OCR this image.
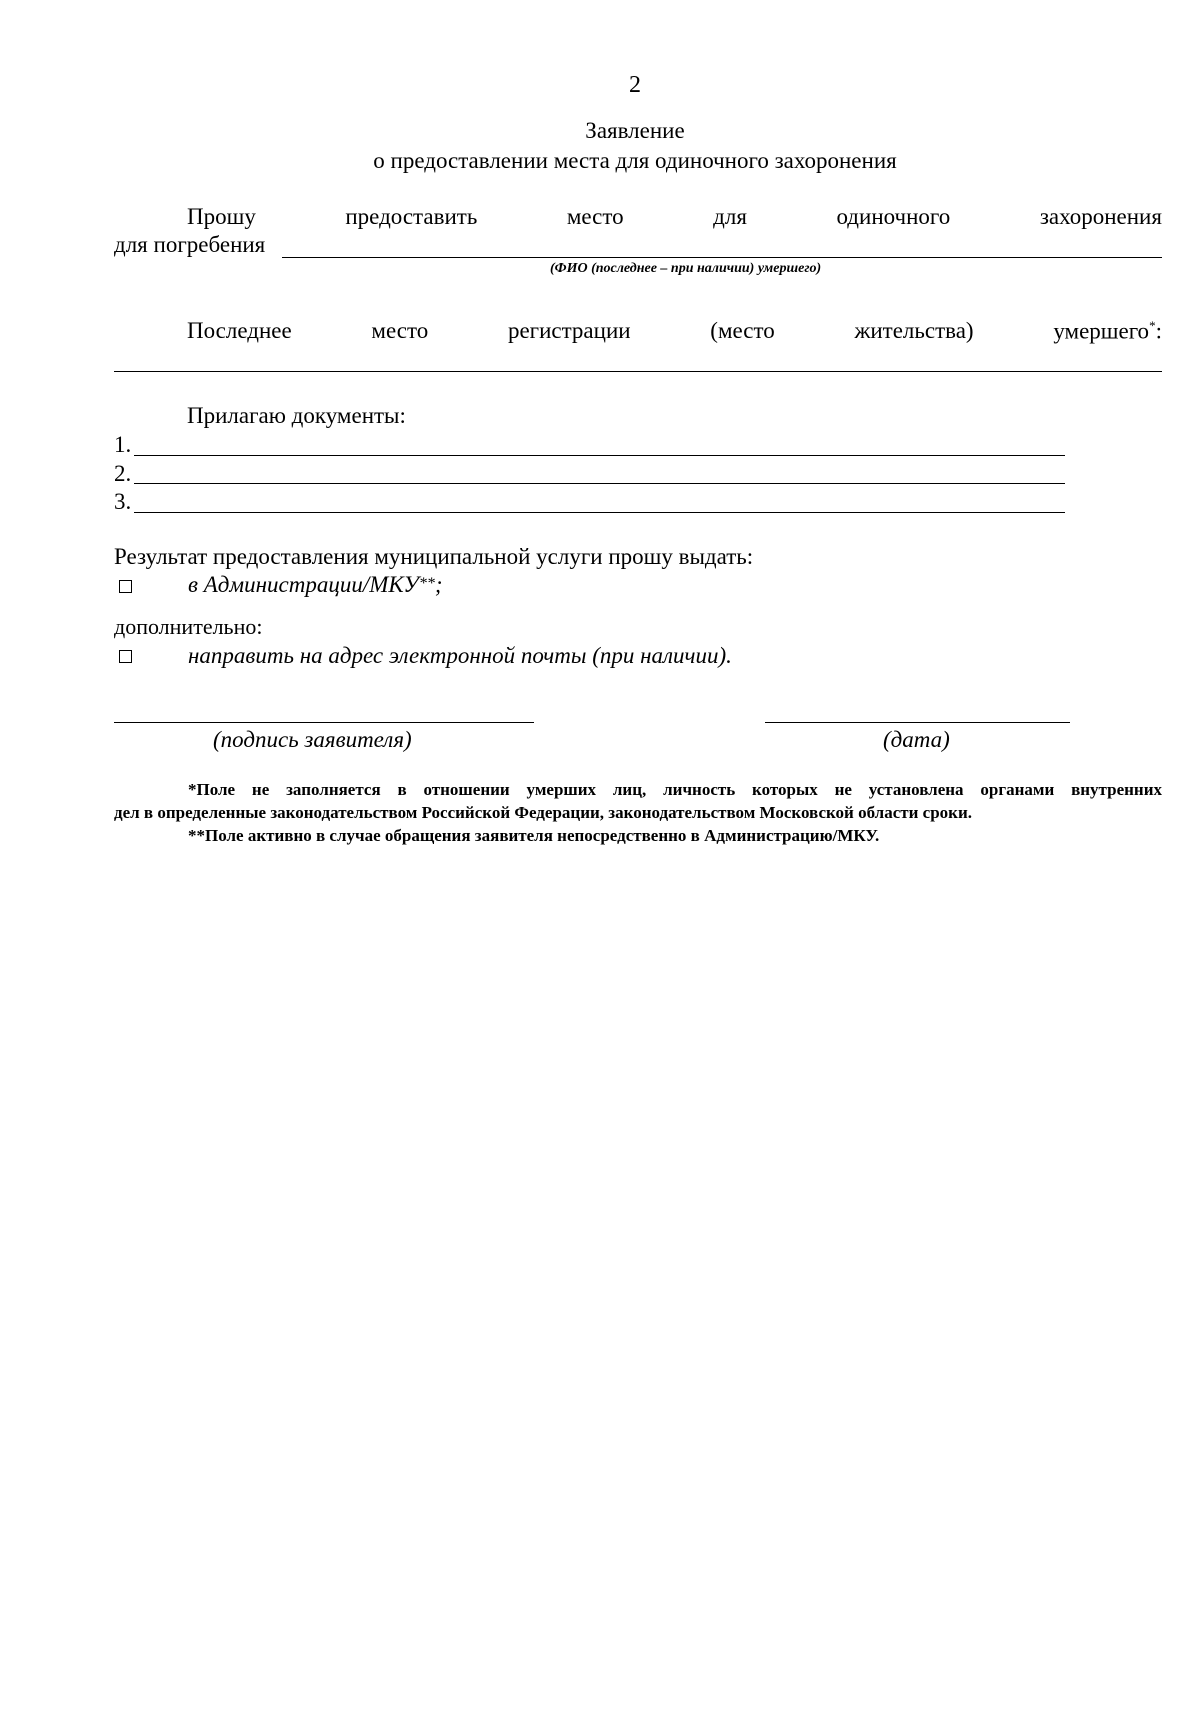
2
Заявление
о предоставлении места для одиночного захоронения
Прошу	предоставить	место	для	одиночного	захоронения
для погребения
(ФИО (последнее – при наличии) умершего)
Последнее	место	регистрации	(место	жительства)	умершего*:
Прилагаю документы:
1.
2.
3.
Результат предоставления муниципальной услуги прошу выдать:
в Администрации/МКУ**;
дополнительно:
направить на адрес электронной почты (при наличии).
(подпись заявителя)	(дата)
*Поле не заполняется в отношении умерших лиц, личность которых не установлена органами внутренних
дел в определенные законодательством Российской Федерации, законодательством Московской области сроки.
**Поле активно в случае обращения заявителя непосредственно в Администрацию/МКУ.
